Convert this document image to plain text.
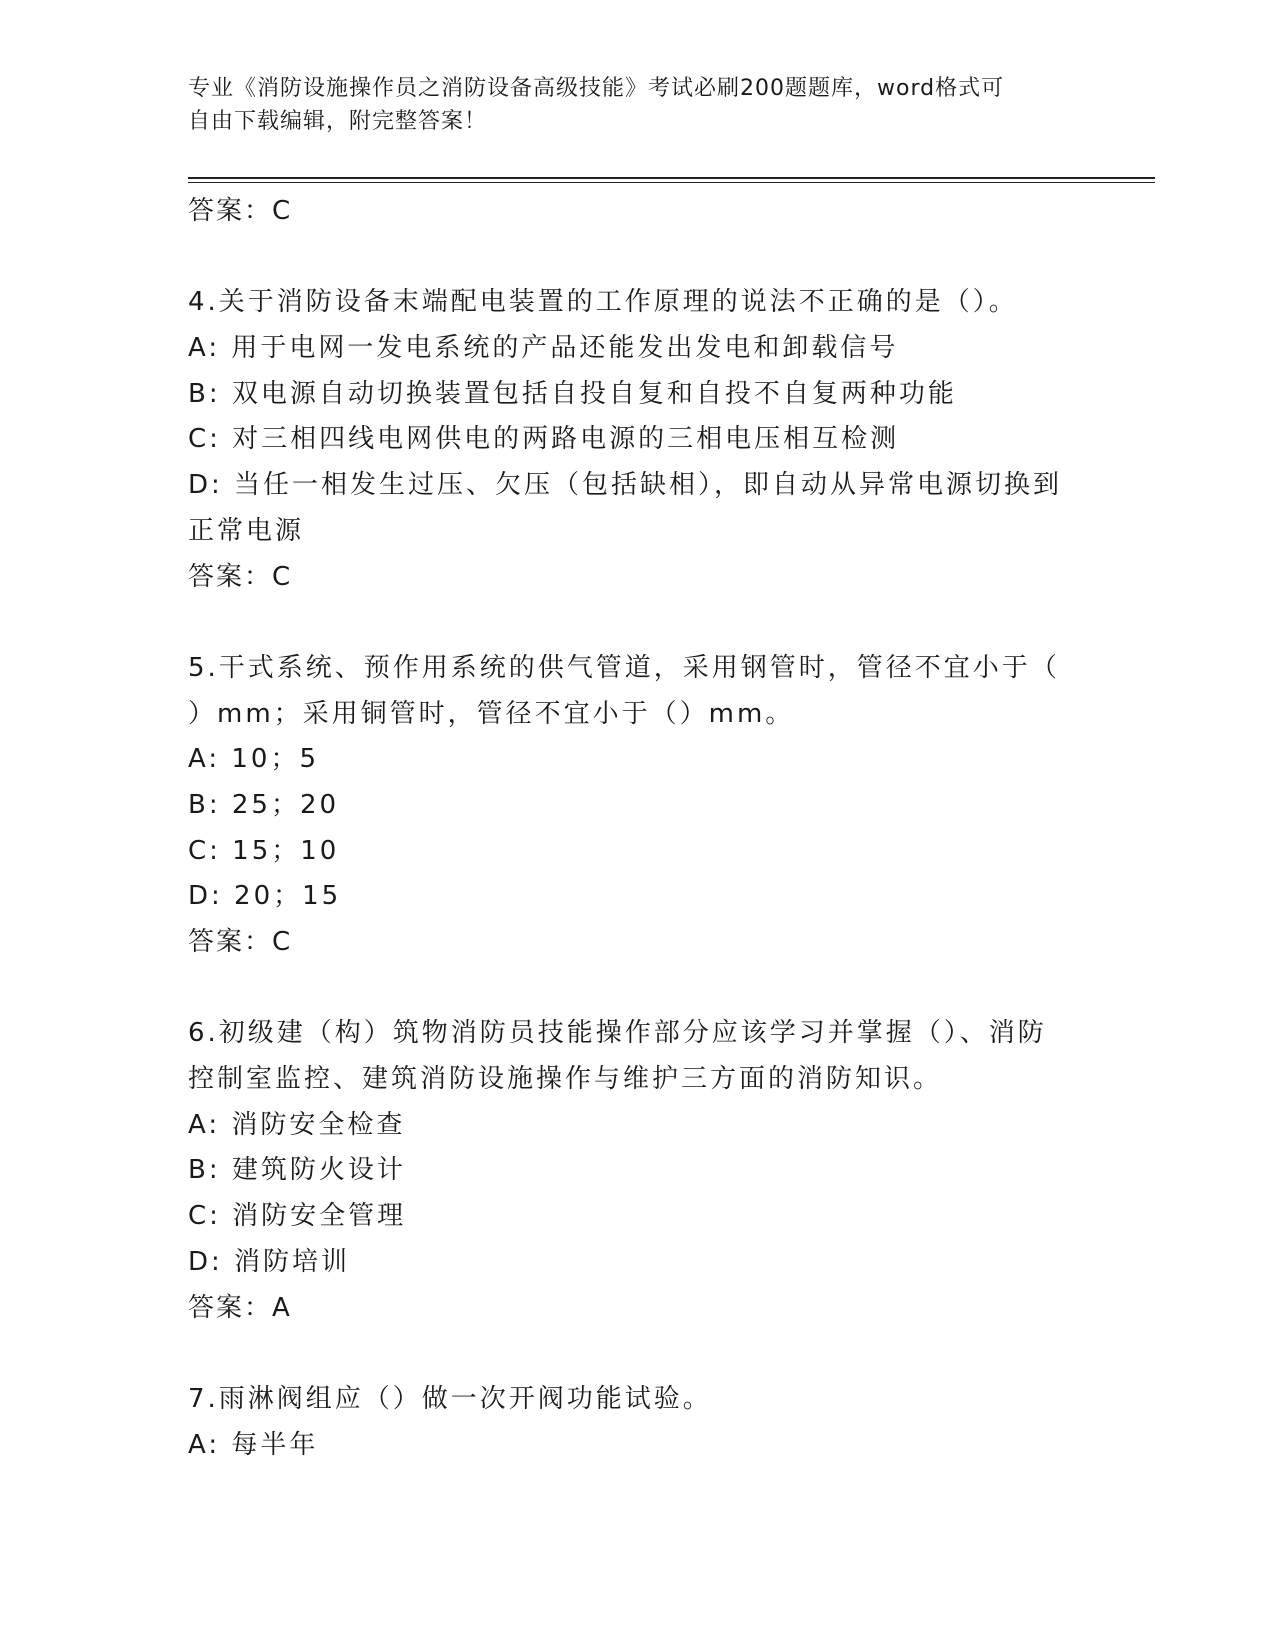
专业《消防设施操作员之消防设备高级技能》考试必刷200题题库，word格式可
自由下载编辑，附完整答案！
答案：C
4.关于消防设备末端配电装置的工作原理的说法不正确的是（）。
A: 用于电网一发电系统的产品还能发出发电和卸载信号
B: 双电源自动切换装置包括自投自复和自投不自复两种功能
C: 对三相四线电网供电的两路电源的三相电压相互检测
D: 当任一相发生过压、欠压（包括缺相），即自动从异常电源切换到
正常电源
答案：C
5.干式系统、预作用系统的供气管道，采用钢管时，管径不宜小于（
）mm；采用铜管时，管径不宜小于（）mm。
A: 10；5
B: 25；20
C: 15；10
D: 20；15
答案：C
6.初级建（构）筑物消防员技能操作部分应该学习并掌握（）、消防
控制室监控、建筑消防设施操作与维护三方面的消防知识。
A: 消防安全检查
B: 建筑防火设计
C: 消防安全管理
D: 消防培训
答案：A
7.雨淋阀组应（）做一次开阀功能试验。
A: 每半年
